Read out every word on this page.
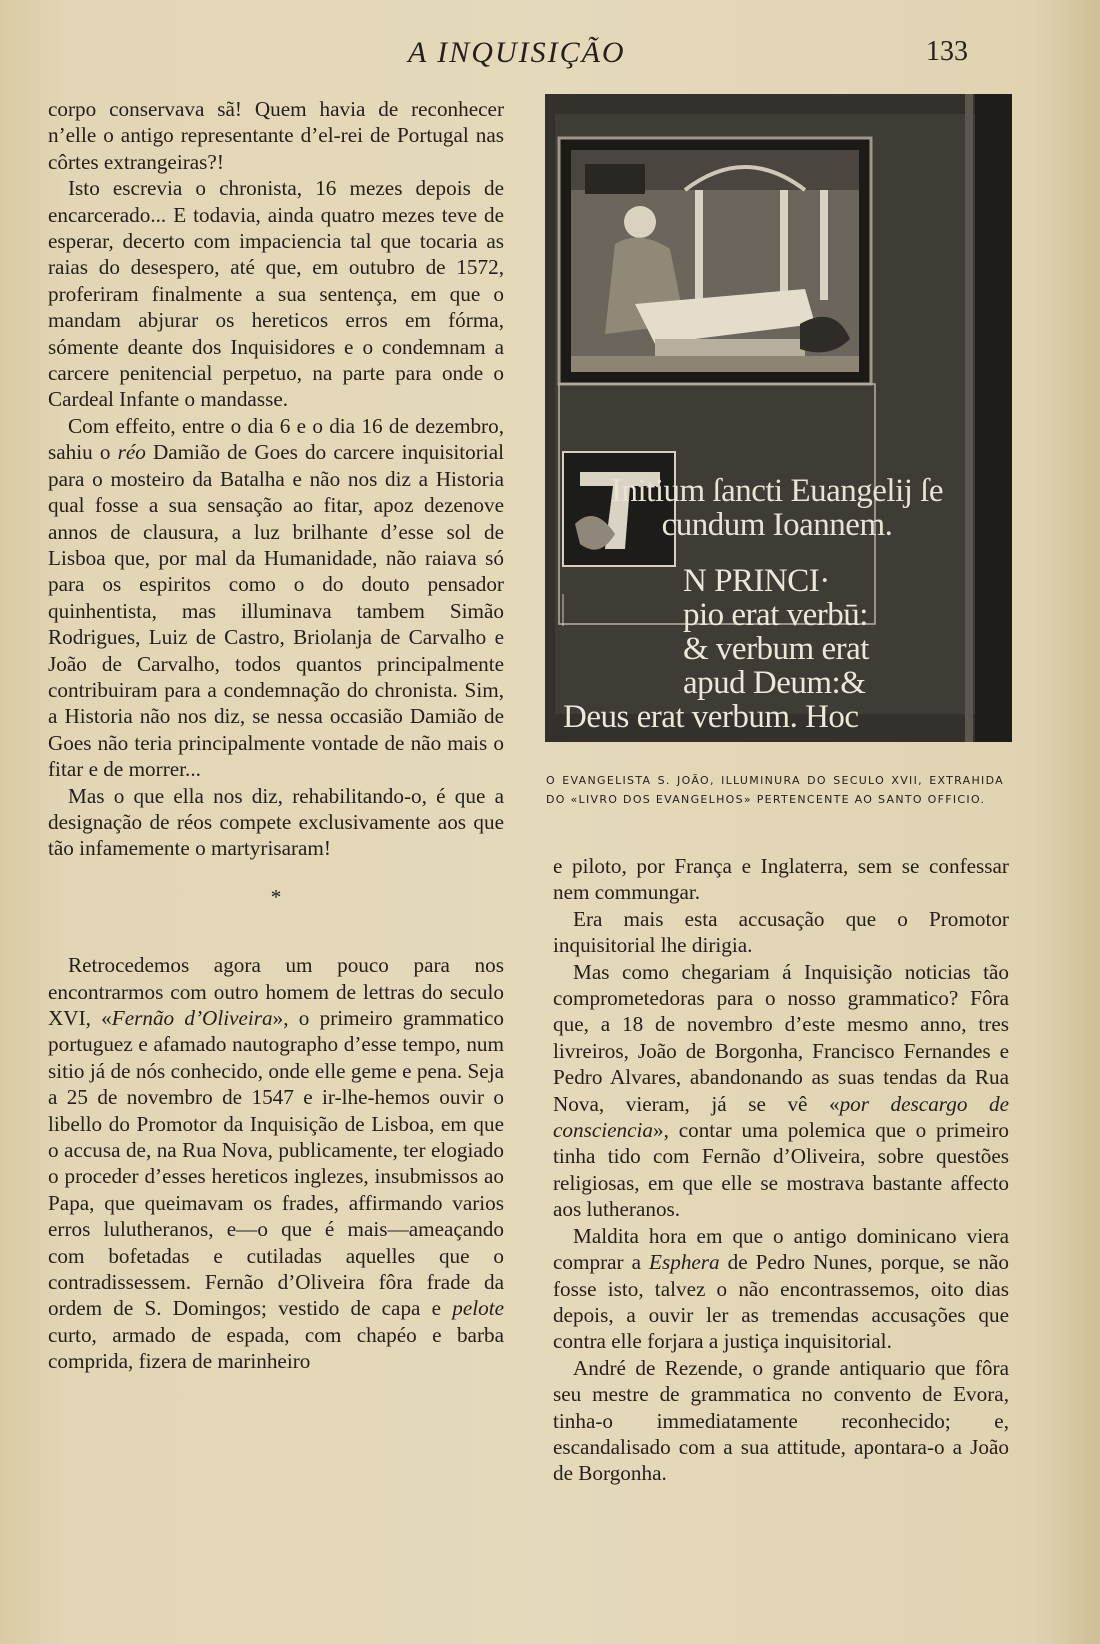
A INQUISIÇÃO	133

corpo conservava sã! Quem havia de reconhecer n’elle o antigo representante d’el-rei de Portugal nas côrtes extrangeiras?!

Isto escrevia o chronista, 16 mezes depois de encarcerado... E todavia, ainda quatro mezes teve de esperar, decerto com impaciencia tal que tocaria as raias do desespero, até que, em outubro de 1572, proferiram finalmente a sua sentença, em que o mandam abjurar os hereticos erros em fórma, sómente deante dos Inquisidores e o condemnam a carcere penitencial perpetuo, na parte para onde o Cardeal Infante o mandasse.

Com effeito, entre o dia 6 e o dia 16 de dezembro, sahiu o réo Damião de Goes do carcere inquisitorial para o mosteiro da Batalha e não nos diz a Historia qual fosse a sua sensação ao fitar, apoz dezenove annos de clausura, a luz brilhante d’esse sol de Lisboa que, por mal da Humanidade, não raiava só para os espiritos como o do douto pensador quinhentista, mas illuminava tambem Simão Rodrigues, Luiz de Castro, Briolanja de Carvalho e João de Carvalho, todos quantos principalmente contribuiram para a condemnação do chronista. Sim, a Historia não nos diz, se nessa occasião Damião de Goes não teria principalmente vontade de não mais o fitar e de morrer...

Mas o que ella nos diz, rehabilitando-o, é que a designação de réos compete exclusivamente aos que tão infamemente o martyrisaram!

*

Retrocedemos agora um pouco para nos encontrarmos com outro homem de lettras do seculo XVI, «Fernão d’Oliveira», o primeiro grammatico portuguez e afamado nautographo d’esse tempo, num sitio já de nós conhecido, onde elle geme e pena. Seja a 25 de novembro de 1547 e ir-lhe-hemos ouvir o libello do Promotor da Inquisição de Lisboa, em que o accusa de, na Rua Nova, publicamente, ter elogiado o proceder d’esses hereticos inglezes, insubmissos ao Papa, que queimavam os frades, affirmando varios erros lulutheranos, e—o que é mais—ameaçando com bofetadas e cutiladas aquelles que o contradissessem. Fernão d’Oliveira fôra frade da ordem de S. Domingos; vestido de capa e pelote curto, armado de espada, com chapéo e barba comprida, fizera de marinheiro

Initium ſancti Euangelij ſe
cundum Ioannem.
N PRINCI·
pio erat verbū:
& verbum erat
apud Deum:&
Deus erat verbum. Hoc
O EVANGELISTA S. JOÃO, ILLUMINURA DO SECULO XVII, EXTRAHIDA DO «LIVRO DOS EVANGELHOS» PERTENCENTE AO SANTO OFFICIO.

e piloto, por França e Inglaterra, sem se confessar nem commungar.

Era mais esta accusação que o Promotor inquisitorial lhe dirigia.

Mas como chegariam á Inquisição noticias tão comprometedoras para o nosso grammatico? Fôra que, a 18 de novembro d’este mesmo anno, tres livreiros, João de Borgonha, Francisco Fernandes e Pedro Alvares, abandonando as suas tendas da Rua Nova, vieram, já se vê «por descargo de consciencia», contar uma polemica que o primeiro tinha tido com Fernão d’Oliveira, sobre questões religiosas, em que elle se mostrava bastante affecto aos lutheranos.

Maldita hora em que o antigo dominicano viera comprar a Esphera de Pedro Nunes, porque, se não fosse isto, talvez o não encontrassemos, oito dias depois, a ouvir ler as tremendas accusações que contra elle forjara a justiça inquisitorial.

André de Rezende, o grande antiquario que fôra seu mestre de grammatica no convento de Evora, tinha-o immediatamente reconhecido; e, escandalisado com a sua attitude, apontara-o a João de Borgonha.
